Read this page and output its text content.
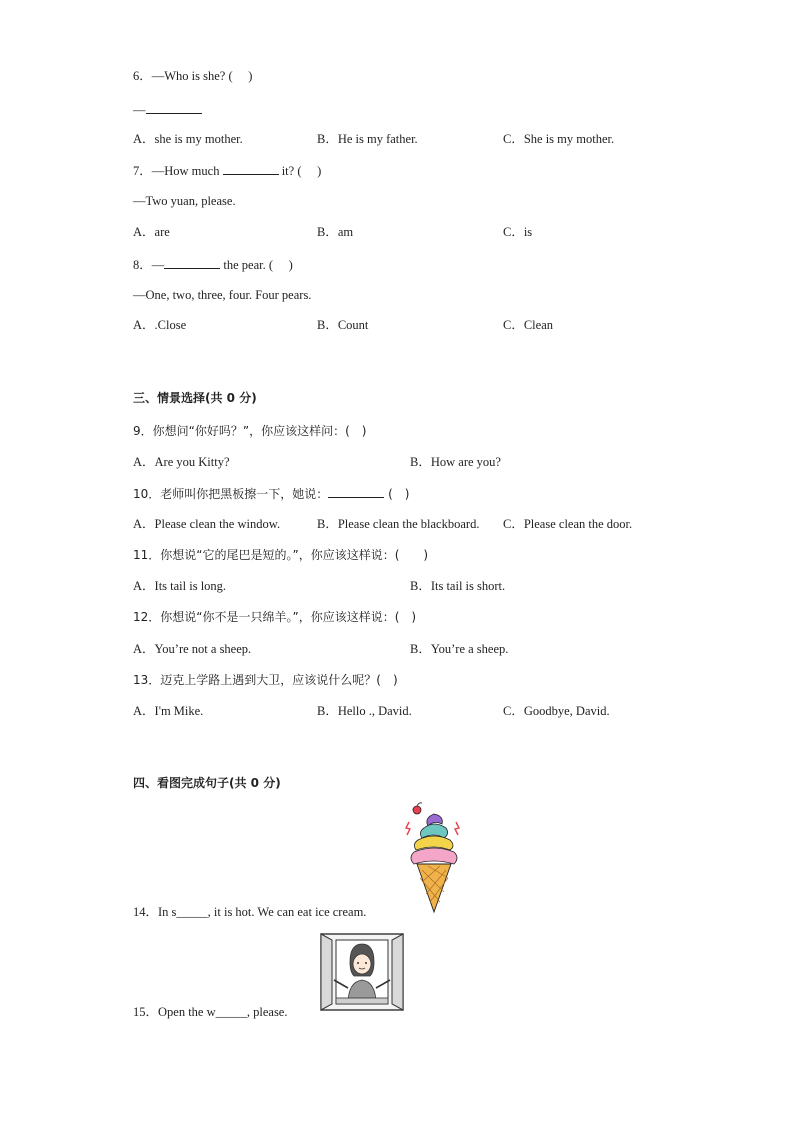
6．—Who is she? (　 )
—
A．she is my mother.	B．He is my father.	C．She is my mother.
7．—How much	it? (　 )
—Two yuan, please.
A．are	B．am	C．is
8．—	the pear. (　 )
—One, two, three, four. Four pears.
A．.Close	B．Count	C．Clean
三、情景选择(共 0 分)
9．你想问“你好吗？”，你应该这样问：(　)
A．Are you Kitty?	B．How are you?
10．老师叫你把黑板擦一下，她说：	(　)
A．Please clean the window.	B．Please clean the blackboard. C．Please clean the door.
11．你想说“它的尾巴是短的。”，你应该这样说：(　　)
A．Its tail is long.	B．Its tail is short.
12．你想说“你不是一只绵羊。”，你应该这样说：(　)
A．You’re not a sheep.	B．You’re a sheep.
13．迈克上学路上遇到大卫，应该说什么呢？(　)
A．I'm Mike.	B．Hello ., David.	C．Goodbye, David.
四、看图完成句子(共 0 分)
14．In s_____, it is hot. We can eat ice cream.
15．Open the w_____, please.
